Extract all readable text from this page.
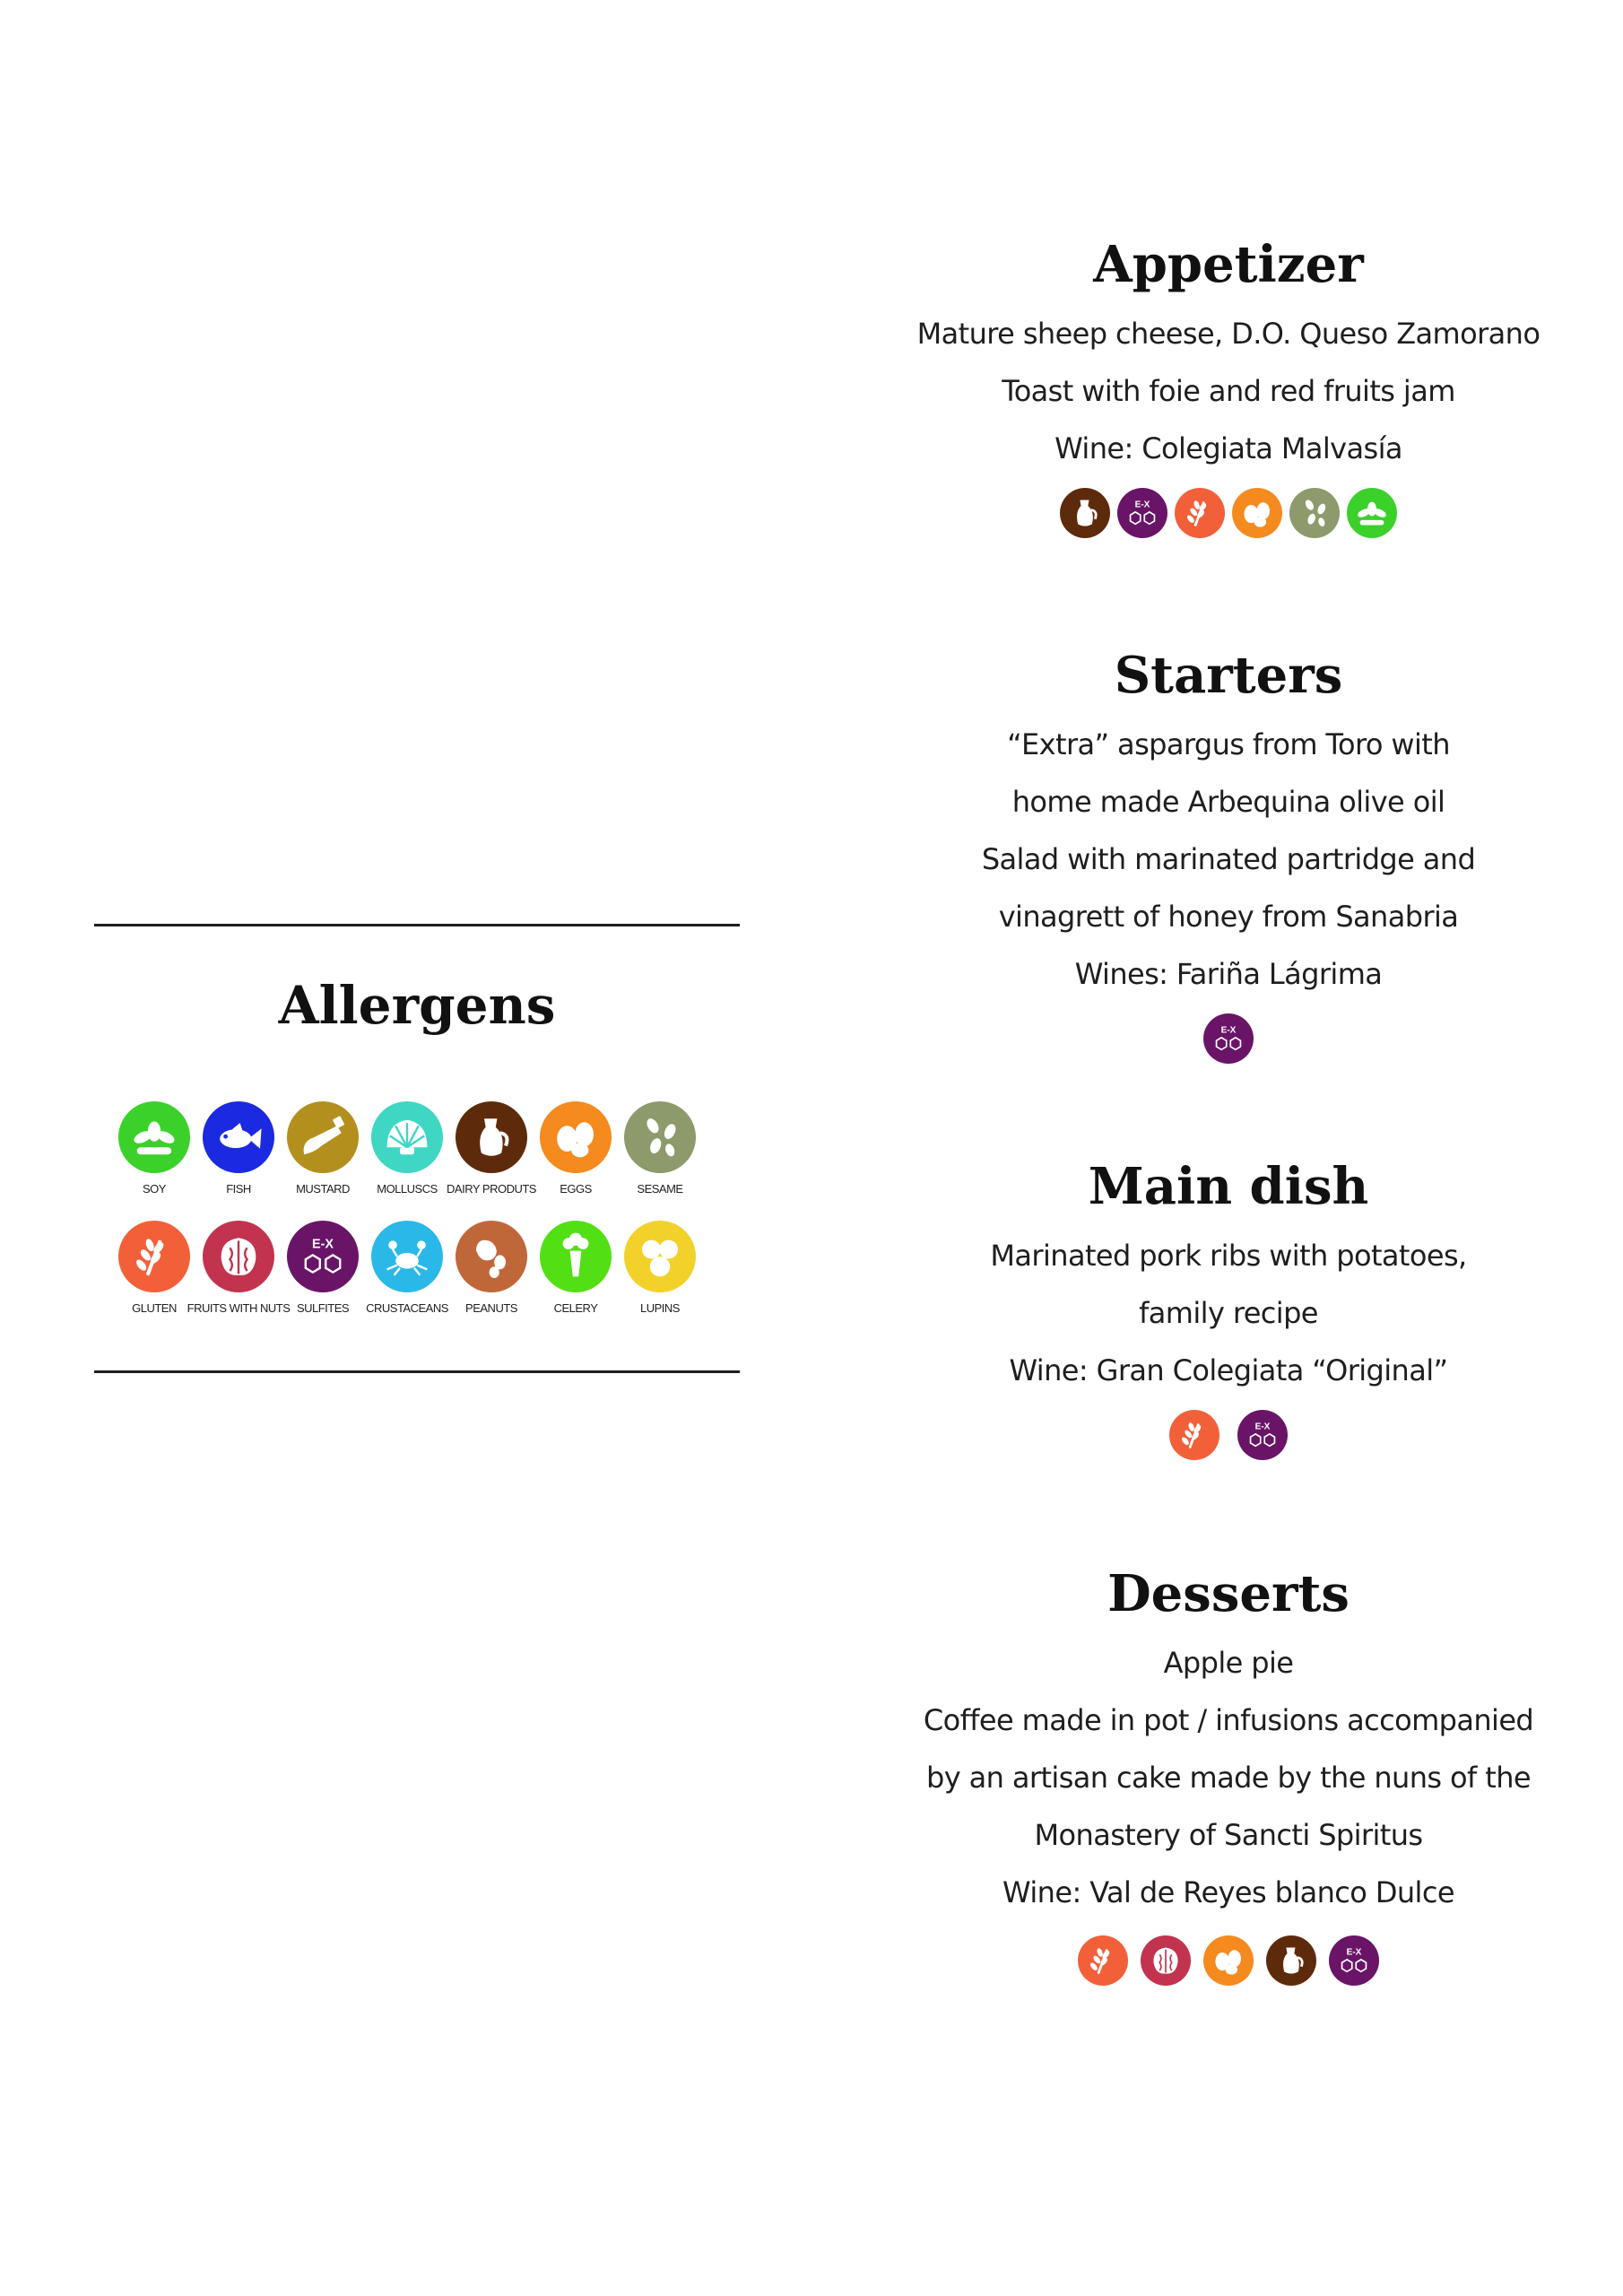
Allergens
SOY	FISH	MUSTARD MOLLUSCS DAIRY PRODUTS EGGS	SESAME
GLUTEN FRUITS WITH NUTS
E-X
SULFITES CRUSTACEANS PEANUTS	CELERY	LUPINS
Appetizer
Mature sheep cheese, D.O. Queso Zamorano
Toast with foie and red fruits jam
Wine: Colegiata Malvasía
E-X
Starters
“Extra” aspargus from Toro with
home made Arbequina olive oil
Salad with marinated partridge and
vinagrett of honey from Sanabria
Wines: Fariña Lágrima
E-X
Main dish
Marinated pork ribs with potatoes,
family recipe
Wine: Gran Colegiata “Original”
E-X
Desserts
Apple pie
Coffee made in pot / infusions accompanied
by an artisan cake made by the nuns of the
Monastery of Sancti Spiritus
Wine: Val de Reyes blanco Dulce
E-X
